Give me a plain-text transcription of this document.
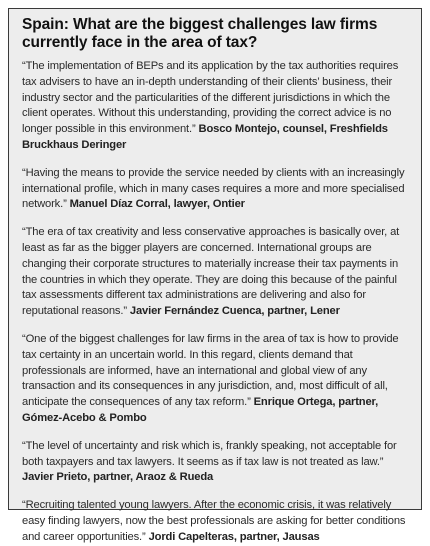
Spain: What are the biggest challenges law firms currently face in the area of tax?

“The implementation of BEPs and its application by the tax authorities requires tax advisers to have an in-depth understanding of their clients’ business, their industry sector and the particularities of the different jurisdictions in which the client operates. Without this understanding, providing the correct advice is no longer possible in this environment.” Bosco Montejo, counsel, Freshfields Bruckhaus Deringer

“Having the means to provide the service needed by clients with an increasingly international profile, which in many cases requires a more and more specialised network.” Manuel Díaz Corral, lawyer, Ontier

“The era of tax creativity and less conservative approaches is basically over, at least as far as the bigger players are concerned. International groups are changing their corporate structures to materially increase their tax payments in the countries in which they operate. They are doing this because of the painful tax assessments different tax administrations are delivering and also for reputational reasons.” Javier Fernández Cuenca, partner, Lener

“One of the biggest challenges for law firms in the area of tax is how to provide tax certainty in an uncertain world. In this regard, clients demand that professionals are informed, have an international and global view of any transaction and its consequences in any jurisdiction, and, most difficult of all, anticipate the consequences of any tax reform.” Enrique Ortega, partner, Gómez-Acebo & Pombo

“The level of uncertainty and risk which is, frankly speaking, not acceptable for both taxpayers and tax lawyers. It seems as if tax law is not treated as law.” Javier Prieto, partner, Araoz & Rueda

“Recruiting talented young lawyers. After the economic crisis, it was relatively easy finding lawyers, now the best professionals are asking for better conditions and career opportunities.” Jordi Capelteras, partner, Jausas
